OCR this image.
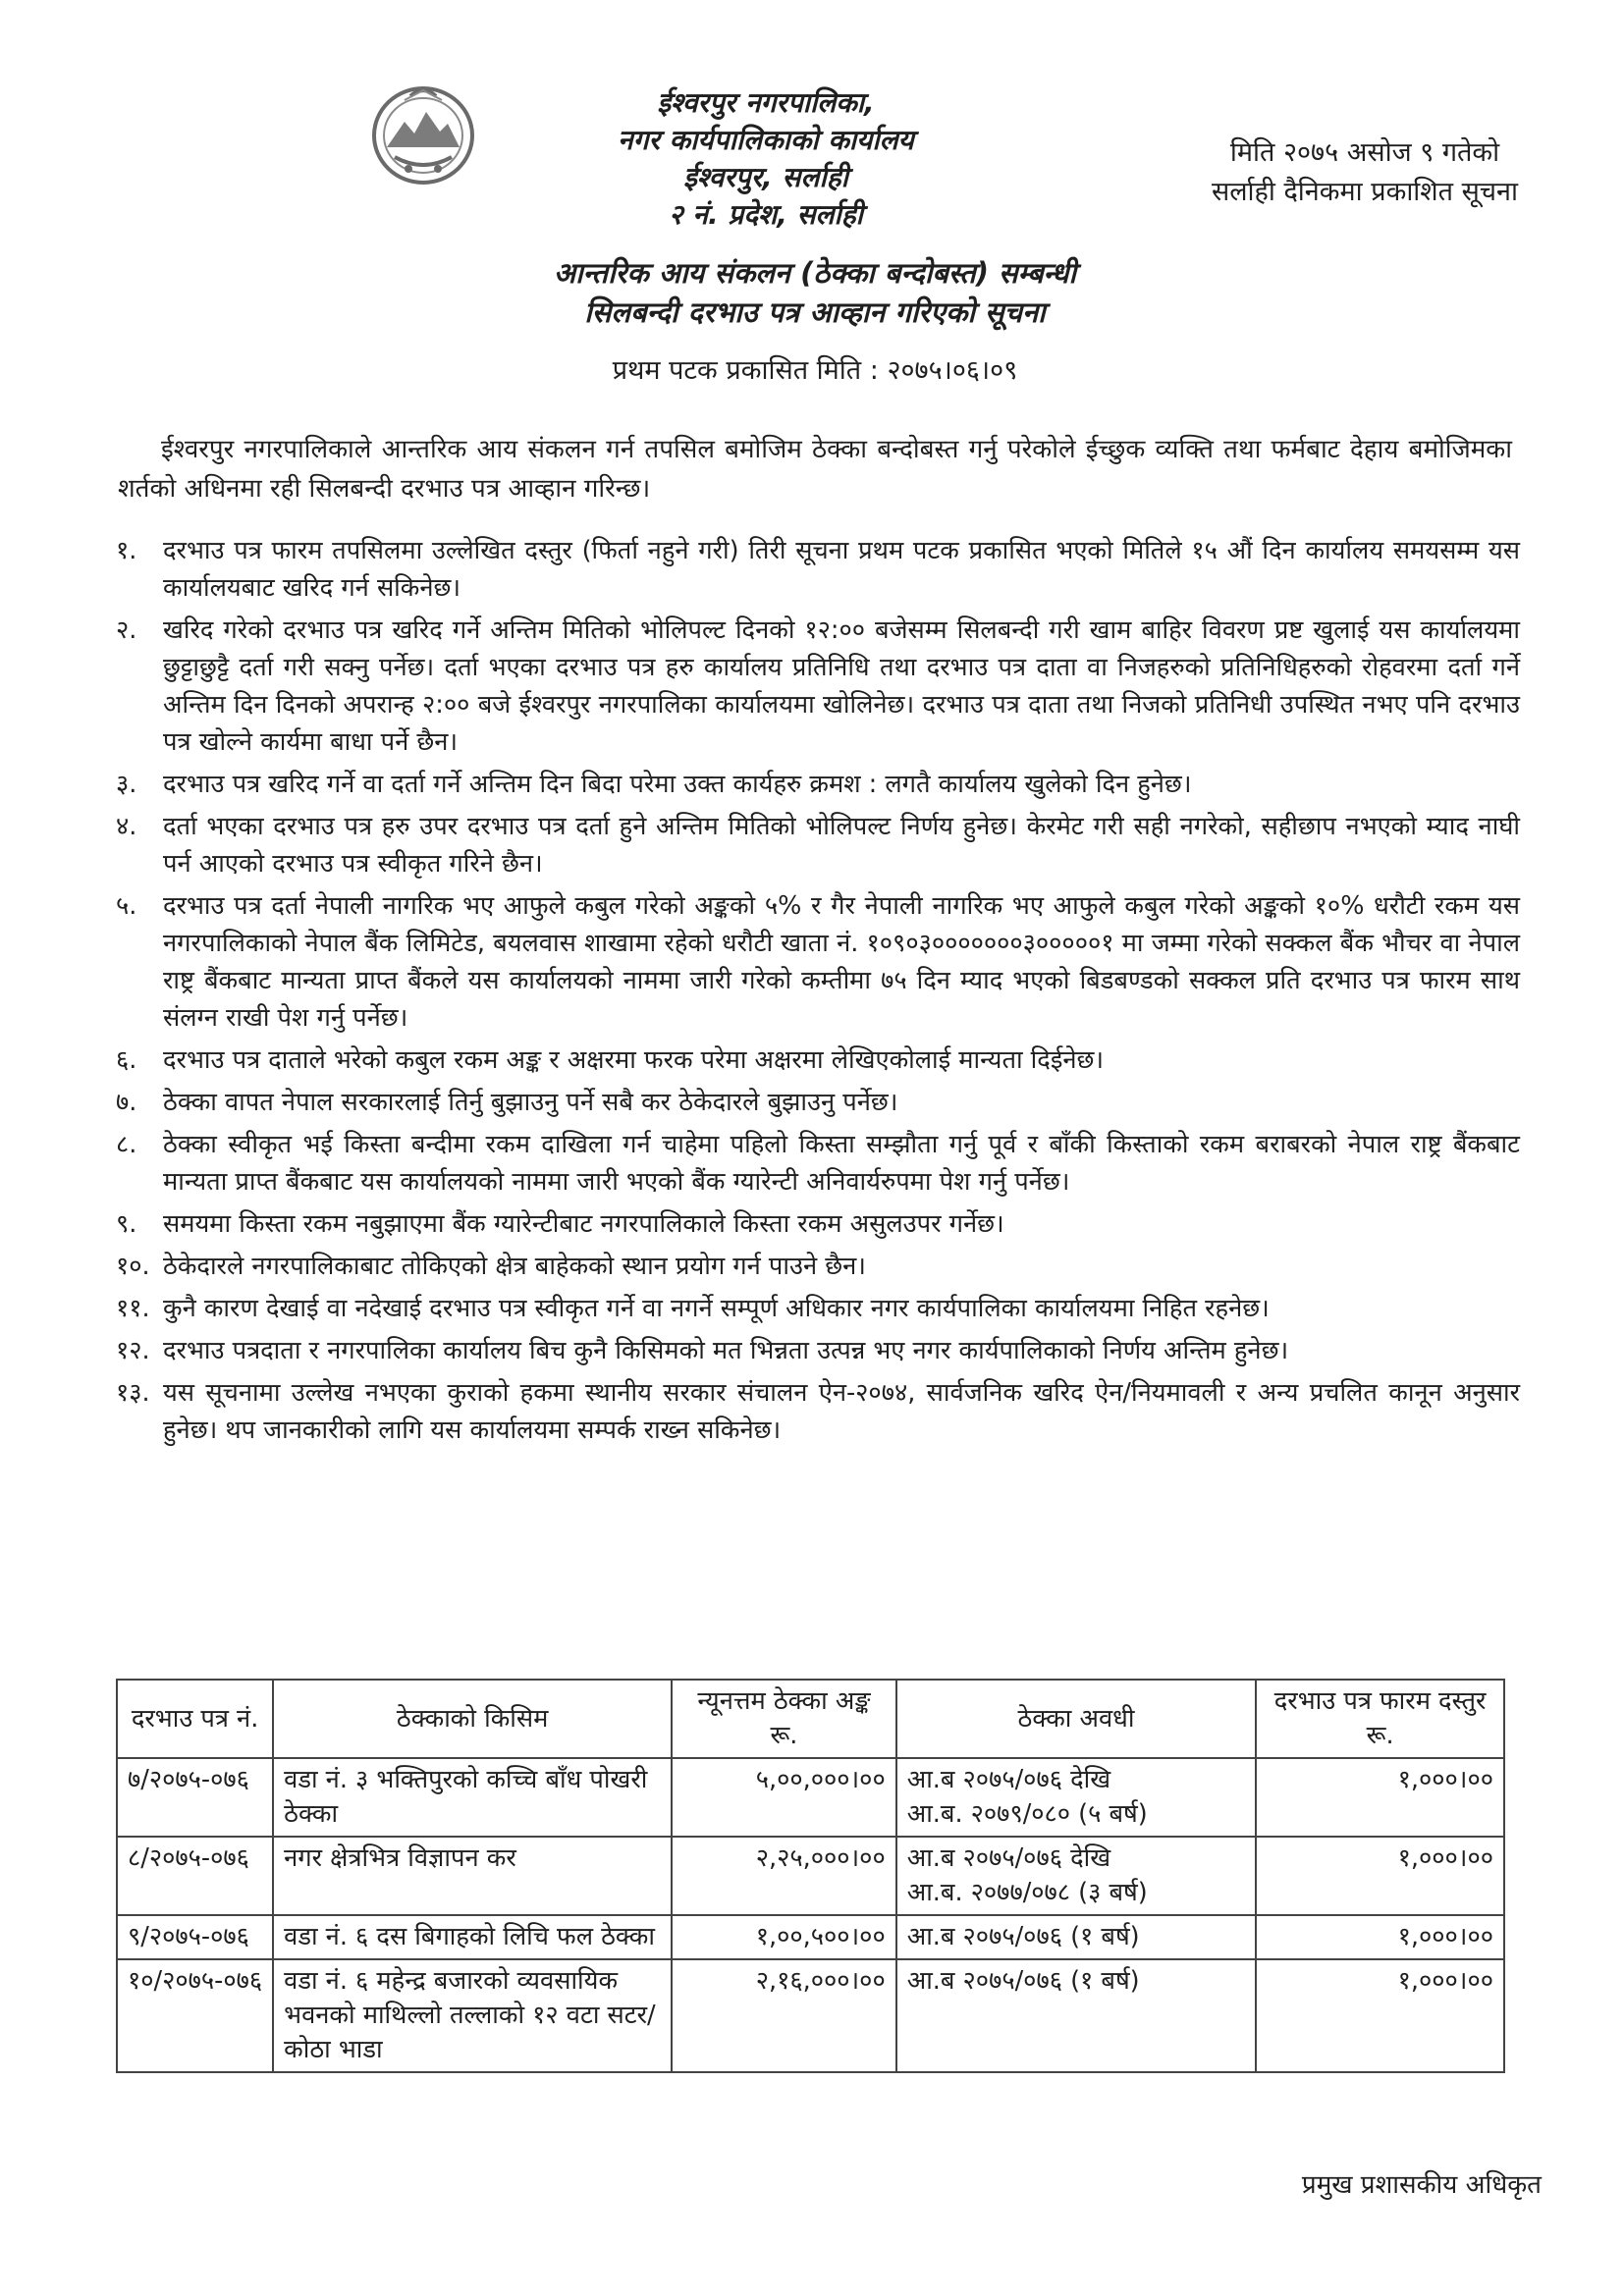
ईश्वरपुर नगरपालिका,
नगर कार्यपालिकाको कार्यालय
ईश्वरपुर, सर्लाही
२ नं. प्रदेश, सर्लाही
मिति २०७५ असोज ९ गतेको
सर्लाही दैनिकमा प्रकाशित सूचना
आन्तरिक आय संकलन (ठेक्का बन्दोबस्त) सम्बन्धी
सिलबन्दी दरभाउ पत्र आव्हान गरिएको सूचना
प्रथम पटक प्रकासित मिति : २०७५।०६।०९
ईश्वरपुर नगरपालिकाले आन्तरिक आय संकलन गर्न तपसिल बमोजिम ठेक्का बन्दोबस्त गर्नु परेकोले ईच्छुक व्यक्ति तथा फर्मबाट देहाय बमोजिमका शर्तको अधिनमा रही सिलबन्दी दरभाउ पत्र आव्हान गरिन्छ।
१.	दरभाउ पत्र फारम तपसिलमा उल्लेखित दस्तुर (फिर्ता नहुने गरी) तिरी सूचना प्रथम पटक प्रकासित भएको मितिले १५ औं दिन कार्यालय समयसम्म यस कार्यालयबाट खरिद गर्न सकिनेछ।
२.	खरिद गरेको दरभाउ पत्र खरिद गर्ने अन्तिम मितिको भोलिपल्ट दिनको १२:०० बजेसम्म सिलबन्दी गरी खाम बाहिर विवरण प्रष्ट खुलाई यस कार्यालयमा छुट्टाछुट्टै दर्ता गरी सक्नु पर्नेछ। दर्ता भएका दरभाउ पत्र हरु कार्यालय प्रतिनिधि तथा दरभाउ पत्र दाता वा निजहरुको प्रतिनिधिहरुको रोहवरमा दर्ता गर्ने अन्तिम दिन दिनको अपरान्ह २:०० बजे ईश्वरपुर नगरपालिका कार्यालयमा खोलिनेछ। दरभाउ पत्र दाता तथा निजको प्रतिनिधी उपस्थित नभए पनि दरभाउ पत्र खोल्ने कार्यमा बाधा पर्ने छैन।
३.	दरभाउ पत्र खरिद गर्ने वा दर्ता गर्ने अन्तिम दिन बिदा परेमा उक्त कार्यहरु क्रमश : लगतै कार्यालय खुलेको दिन हुनेछ।
४.	दर्ता भएका दरभाउ पत्र हरु उपर दरभाउ पत्र दर्ता हुने अन्तिम मितिको भोलिपल्ट निर्णय हुनेछ। केरमेट गरी सही नगरेको, सहीछाप नभएको म्याद नाघी पर्न आएको दरभाउ पत्र स्वीकृत गरिने छैन।
५.	दरभाउ पत्र दर्ता नेपाली नागरिक भए आफुले कबुल गरेको अङ्कको ५% र गैर नेपाली नागरिक भए आफुले कबुल गरेको अङ्कको १०% धरौटी रकम यस नगरपालिकाको नेपाल बैंक लिमिटेड, बयलवास शाखामा रहेको धरौटी खाता नं. १०९०३०००००००३०००००१ मा जम्मा गरेको सक्कल बैंक भौचर वा नेपाल राष्ट्र बैंकबाट मान्यता प्राप्त बैंकले यस कार्यालयको नाममा जारी गरेको कम्तीमा ७५ दिन म्याद भएको बिडबण्डको सक्कल प्रति दरभाउ पत्र फारम साथ संलग्न राखी पेश गर्नु पर्नेछ।
६.	दरभाउ पत्र दाताले भरेको कबुल रकम अङ्क र अक्षरमा फरक परेमा अक्षरमा लेखिएकोलाई मान्यता दिईनेछ।
७.	ठेक्का वापत नेपाल सरकारलाई तिर्नु बुझाउनु पर्ने सबै कर ठेकेदारले बुझाउनु पर्नेछ।
८.	ठेक्का स्वीकृत भई किस्ता बन्दीमा रकम दाखिला गर्न चाहेमा पहिलो किस्ता सम्झौता गर्नु पूर्व र बाँकी किस्ताको रकम बराबरको नेपाल राष्ट्र बैंकबाट मान्यता प्राप्त बैंकबाट यस कार्यालयको नाममा जारी भएको बैंक ग्यारेन्टी अनिवार्यरुपमा पेश गर्नु पर्नेछ।
९.	समयमा किस्ता रकम नबुझाएमा बैंक ग्यारेन्टीबाट नगरपालिकाले किस्ता रकम असुलउपर गर्नेछ।
१०. ठेकेदारले नगरपालिकाबाट तोकिएको क्षेत्र बाहेकको स्थान प्रयोग गर्न पाउने छैन।
११. कुनै कारण देखाई वा नदेखाई दरभाउ पत्र स्वीकृत गर्ने वा नगर्ने सम्पूर्ण अधिकार नगर कार्यपालिका कार्यालयमा निहित रहनेछ।
१२. दरभाउ पत्रदाता र नगरपालिका कार्यालय बिच कुनै किसिमको मत भिन्नता उत्पन्न भए नगर कार्यपालिकाको निर्णय अन्तिम हुनेछ।
१३. यस सूचनामा उल्लेख नभएका कुराको हकमा स्थानीय सरकार संचालन ऐन-२०७४, सार्वजनिक खरिद ऐन/नियमावली र अन्य प्रचलित कानून अनुसार हुनेछ। थप जानकारीको लागि यस कार्यालयमा सम्पर्क राख्न सकिनेछ।
दरभाउ पत्र नं.	ठेक्काको किसिम	न्यूनत्तम ठेक्का अङ्क रू.	ठेक्का अवधी	दरभाउ पत्र फारम दस्तुर रू.
७/२०७५-०७६	वडा नं. ३ भक्तिपुरको कच्चि बाँध पोखरी ठेक्का	५,००,०००।००	आ.ब २०७५/०७६ देखि
आ.ब. २०७९/०८० (५ बर्ष)	१,०००।००
८/२०७५-०७६	नगर क्षेत्रभित्र विज्ञापन कर	२,२५,०००।००	आ.ब २०७५/०७६ देखि
आ.ब. २०७७/०७८ (३ बर्ष)	१,०००।००
९/२०७५-०७६	वडा नं. ६ दस बिगाहको लिचि फल ठेक्का	१,००,५००।००	आ.ब २०७५/०७६ (१ बर्ष)	१,०००।००
१०/२०७५-०७६	वडा नं. ६ महेन्द्र बजारको व्यवसायिक भवनको माथिल्लो तल्लाको १२ वटा सटर/कोठा भाडा	२,१६,०००।००	आ.ब २०७५/०७६ (१ बर्ष)	१,०००।००
प्रमुख प्रशासकीय अधिकृत
